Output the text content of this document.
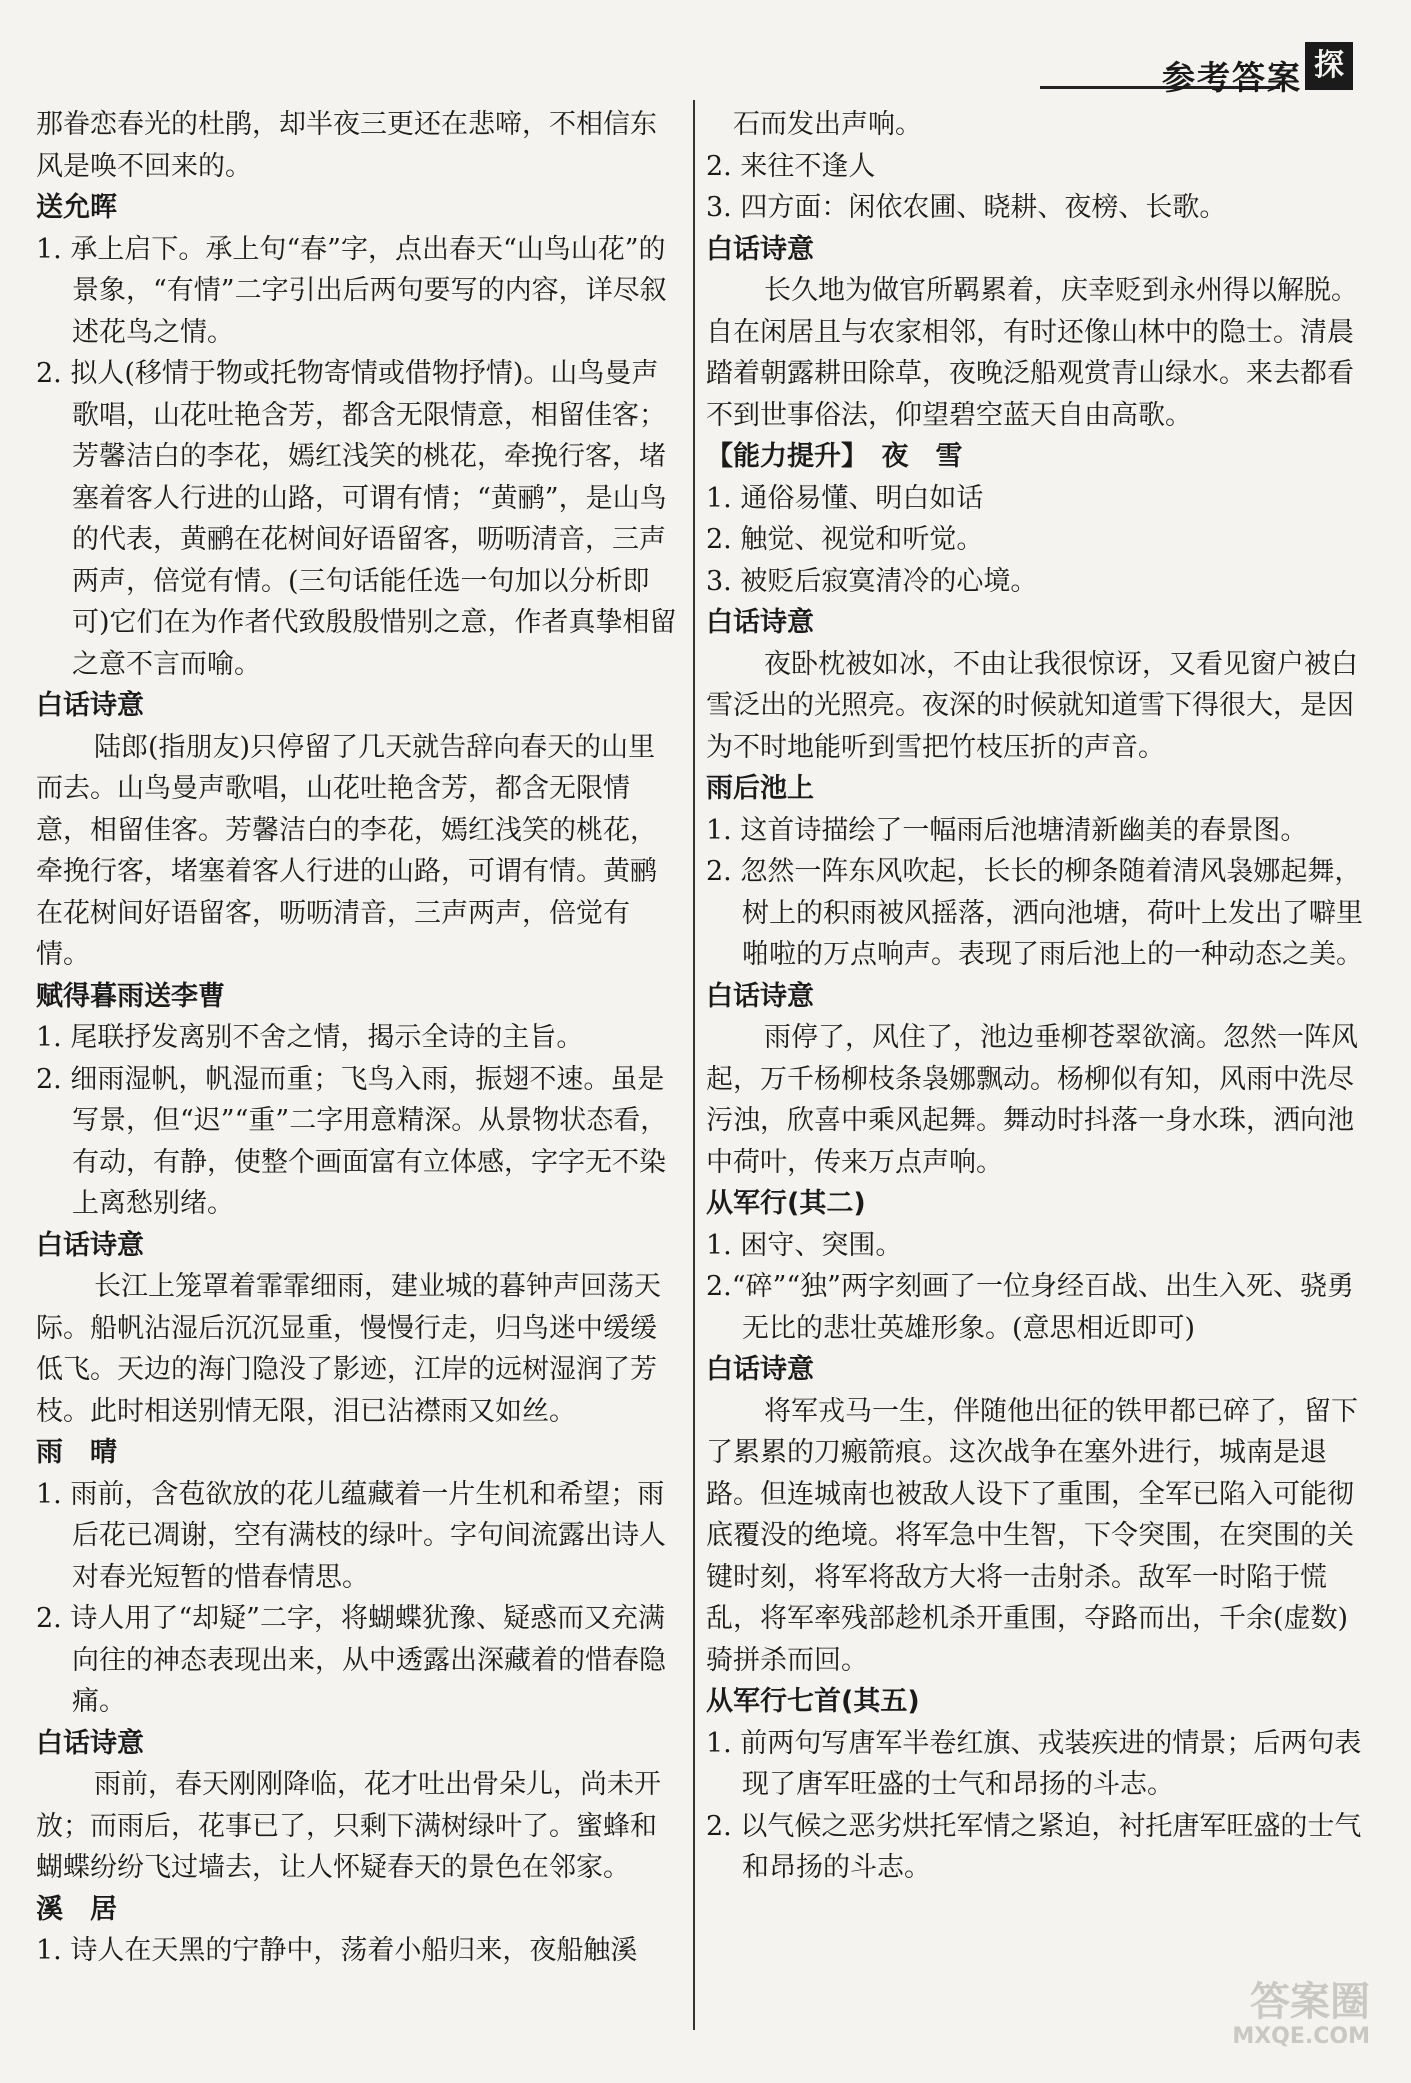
参考答案 探
那眷恋春光的杜鹃，却半夜三更还在悲啼，不相信东风是唤不回来的。
送允晖
1. 承上启下。承上句“春”字，点出春天“山鸟山花”的景象，“有情”二字引出后两句要写的内容，详尽叙述花鸟之情。
2. 拟人(移情于物或托物寄情或借物抒情)。山鸟曼声歌唱，山花吐艳含芳，都含无限情意，相留佳客；芳馨洁白的李花，嫣红浅笑的桃花，牵挽行客，堵塞着客人行进的山路，可谓有情；“黄鹂”，是山鸟的代表，黄鹂在花树间好语留客，呖呖清音，三声两声，倍觉有情。(三句话能任选一句加以分析即可)它们在为作者代致殷殷惜别之意，作者真挚相留之意不言而喻。
白话诗意
陆郎(指朋友)只停留了几天就告辞向春天的山里而去。山鸟曼声歌唱，山花吐艳含芳，都含无限情意，相留佳客。芳馨洁白的李花，嫣红浅笑的桃花，牵挽行客，堵塞着客人行进的山路，可谓有情。黄鹂在花树间好语留客，呖呖清音，三声两声，倍觉有情。
赋得暮雨送李曹
1. 尾联抒发离别不舍之情，揭示全诗的主旨。
2. 细雨湿帆，帆湿而重；飞鸟入雨，振翅不速。虽是写景，但“迟”“重”二字用意精深。从景物状态看，有动，有静，使整个画面富有立体感，字字无不染上离愁别绪。
白话诗意
长江上笼罩着霏霏细雨，建业城的暮钟声回荡天际。船帆沾湿后沉沉显重，慢慢行走，归鸟迷中缓缓低飞。天边的海门隐没了影迹，江岸的远树湿润了芳枝。此时相送别情无限，泪已沾襟雨又如丝。
雨　晴
1. 雨前，含苞欲放的花儿蕴藏着一片生机和希望；雨后花已凋谢，空有满枝的绿叶。字句间流露出诗人对春光短暂的惜春情思。
2. 诗人用了“却疑”二字，将蝴蝶犹豫、疑惑而又充满向往的神态表现出来，从中透露出深藏着的惜春隐痛。
白话诗意
雨前，春天刚刚降临，花才吐出骨朵儿，尚未开放；而雨后，花事已了，只剩下满树绿叶了。蜜蜂和蝴蝶纷纷飞过墙去，让人怀疑春天的景色在邻家。
溪　居
1. 诗人在天黑的宁静中，荡着小船归来，夜船触溪
　石而发出声响。
2. 来往不逢人
3. 四方面：闲依农圃、晓耕、夜榜、长歌。
白话诗意
长久地为做官所羁累着，庆幸贬到永州得以解脱。自在闲居且与农家相邻，有时还像山林中的隐士。清晨踏着朝露耕田除草，夜晚泛船观赏青山绿水。来去都看不到世事俗法，仰望碧空蓝天自由高歌。
【能力提升】　夜　雪
1. 通俗易懂、明白如话
2. 触觉、视觉和听觉。
3. 被贬后寂寞清冷的心境。
白话诗意
夜卧枕被如冰，不由让我很惊讶，又看见窗户被白雪泛出的光照亮。夜深的时候就知道雪下得很大，是因为不时地能听到雪把竹枝压折的声音。
雨后池上
1. 这首诗描绘了一幅雨后池塘清新幽美的春景图。
2. 忽然一阵东风吹起，长长的柳条随着清风袅娜起舞，树上的积雨被风摇落，洒向池塘，荷叶上发出了噼里啪啦的万点响声。表现了雨后池上的一种动态之美。
白话诗意
雨停了，风住了，池边垂柳苍翠欲滴。忽然一阵风起，万千杨柳枝条袅娜飘动。杨柳似有知，风雨中洗尽污浊，欣喜中乘风起舞。舞动时抖落一身水珠，洒向池中荷叶，传来万点声响。
从军行(其二)
1. 困守、突围。
2.“碎”“独”两字刻画了一位身经百战、出生入死、骁勇无比的悲壮英雄形象。(意思相近即可)
白话诗意
将军戎马一生，伴随他出征的铁甲都已碎了，留下了累累的刀瘢箭痕。这次战争在塞外进行，城南是退路。但连城南也被敌人设下了重围，全军已陷入可能彻底覆没的绝境。将军急中生智，下令突围，在突围的关键时刻，将军将敌方大将一击射杀。敌军一时陷于慌乱，将军率残部趁机杀开重围，夺路而出，千余(虚数)骑拼杀而回。
从军行七首(其五)
1. 前两句写唐军半卷红旗、戎装疾进的情景；后两句表现了唐军旺盛的士气和昂扬的斗志。
2. 以气候之恶劣烘托军情之紧迫，衬托唐军旺盛的士气和昂扬的斗志。
答案圈
MXQE.COM
